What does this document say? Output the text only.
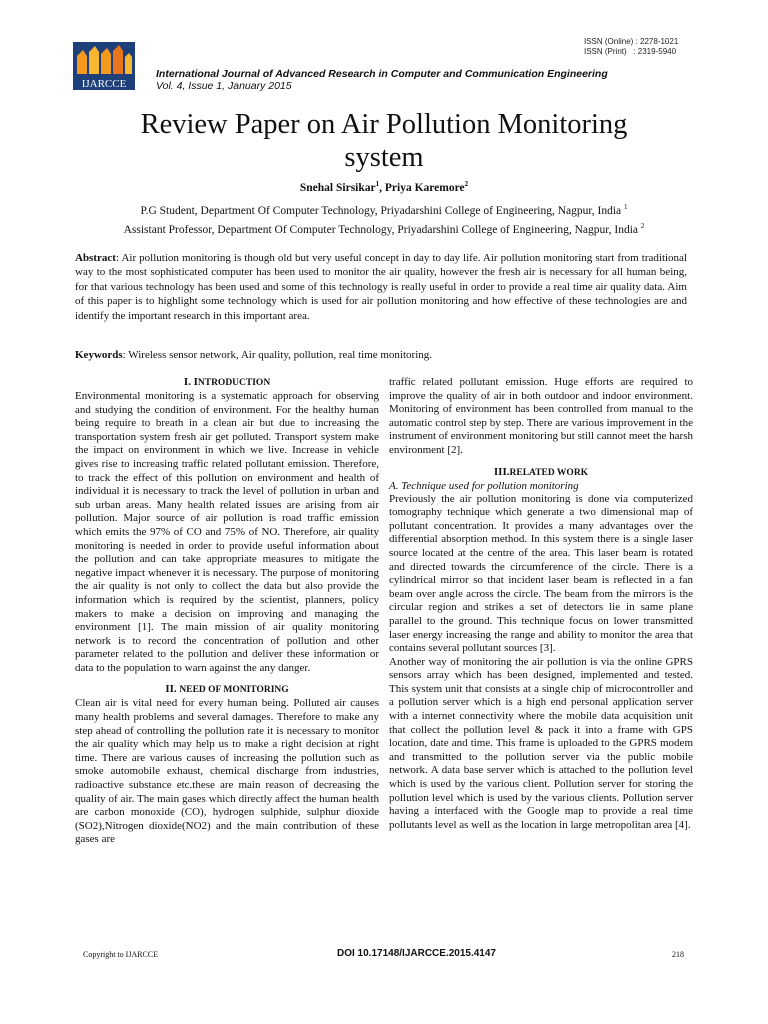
ISSN (Online) : 2278-1021
ISSN (Print)   : 2319-5940
IJARCCE
International Journal of Advanced Research in Computer and Communication Engineering
Vol. 4, Issue 1, January 2015
Review Paper on Air Pollution Monitoring
system
Snehal Sirsikar$^1$, Priya Karemore$^2$
P.G Student, Department Of Computer Technology, Priyadarshini College of Engineering, Nagpur, India $^1$
Assistant Professor, Department Of Computer Technology, Priyadarshini College of Engineering, Nagpur, India $^2$
Abstract: Air pollution monitoring is though old but very useful concept in day to day life. Air pollution monitoring start from traditional way to the most sophisticated computer has been used to monitor the air quality, however the fresh air is necessary for all human being, for that various technology has been used and some of this technology is really useful in order to provide a real time air quality data. Aim of this paper is to highlight some technology which is used for air pollution monitoring and how effective of these technologies are and identify the important research in this important area.
Keywords: Wireless sensor network, Air quality, pollution, real time monitoring.
I. INTRODUCTION

Environmental monitoring is a systematic approach for observing and studying the condition of environment. For the healthy human being require to breath in a clean air but due to increasing the transportation system fresh air get polluted. Transport system make the impact on environment in which we live. Increase in vehicle gives rise to increasing traffic related pollutant emission. Therefore, to track the effect of this pollution on environment and health of individual it is necessary to track the level of pollution in urban and sub urban areas. Many health related issues are arising from air pollution. Major source of air pollution is road traffic emission which emits the 97% of CO and 75% of NO. Therefore, air quality monitoring is needed in order to provide useful information about the pollution and can take appropriate measures to mitigate the negative impact whenever it is necessary. The purpose of monitoring the air quality is not only to collect the data but also provide the information which is required by the scientist, planners, policy makers to make a decision on improving and managing the environment [1]. The main mission of air quality monitoring network is to record the concentration of pollution and other parameter related to the pollution and deliver these information or data to the population to warn against the any danger.

II. NEED OF MONITORING

Clean air is vital need for every human being. Polluted air causes many health problems and several damages. Therefore to make any step ahead of controlling the pollution rate it is necessary to monitor the air quality which may help us to make a right decision at right time. There are various causes of increasing the pollution such as smoke automobile exhaust, chemical discharge from industries, radioactive substance etc.these are main reason of decreasing the quality of air. The main gases which directly affect the human health are carbon monoxide (CO), hydrogen sulphide, sulphur dioxide (SO2),Nitrogen dioxide(NO2) and the main contribution of these gases are

traffic related pollutant emission. Huge efforts are required to improve the quality of air in both outdoor and indoor environment. Monitoring of environment has been controlled from manual to the automatic control step by step. There are various improvement in the instrument of environment monitoring but still cannot meet the harsh environment [2].

III.RELATED WORK
A. Technique used for pollution monitoring

Previously the air pollution monitoring is done via computerized tomography technique which generate a two dimensional map of pollutant concentration. It provides a many advantages over the differential absorption method. In this system there is a single laser source located at the centre of the area. This laser beam is rotated and directed towards the circumference of the circle. There is a cylindrical mirror so that incident laser beam is reflected in a fan beam over angle across the circle. The beam from the mirrors is the circular region and strikes a set of detectors lie in same plane parallel to the ground. This technique focus on lower transmitted laser energy increasing the range and ability to monitor the area that contains several pollutant sources [3].

Another way of monitoring the air pollution is via the online GPRS sensors array which has been designed, implemented and tested. This system unit that consists at a single chip of microcontroller and a pollution server which is a high end personal application server with a internet connectivity where the mobile data acquisition unit that collect the pollution level & pack it into a frame with GPS location, date and time. This frame is uploaded to the GPRS modem and transmitted to the pollution server via the public mobile network. A data base server which is attached to the pollution level which is used by the various client. Pollution server for storing the pollution level which is used by the various clients. Pollution server having a interfaced with the Google map to provide a real time pollutants level as well as the location in large metropolitan area [4].

Copyright to IJARCCE	DOI 10.17148/IJARCCE.2015.4147	218
